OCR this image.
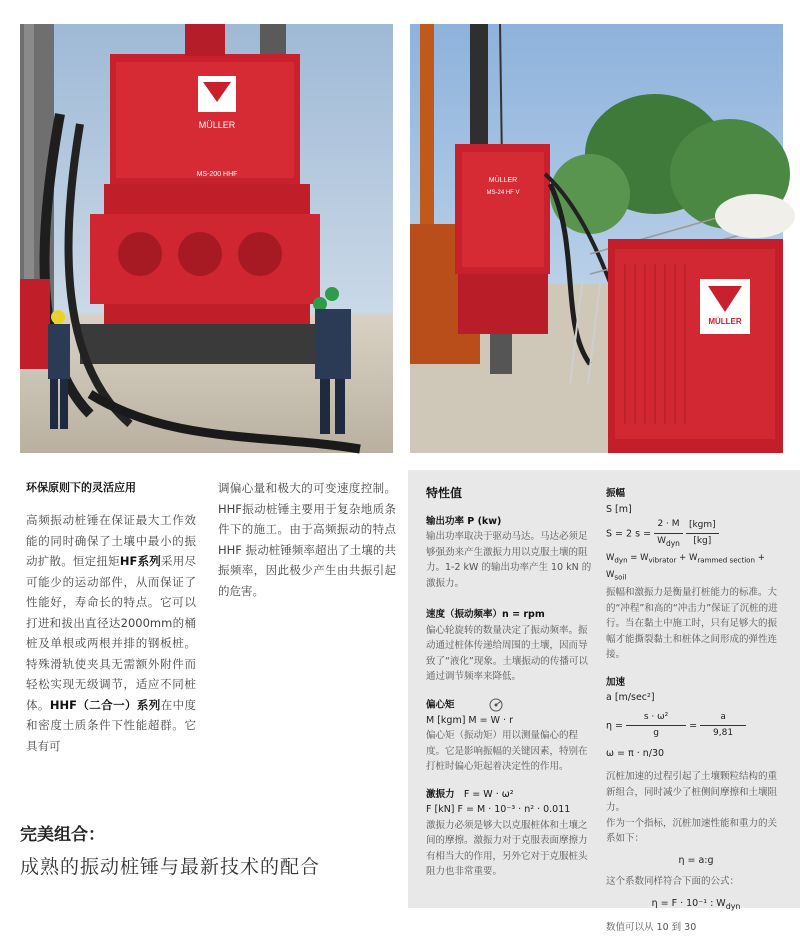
MÜLLER
MS-200 HHF
MÜLLER
MS-24 HF V
MÜLLER
环保原则下的灵活应用
高频振动桩锤在保证最大工作效能的同时确保了土壤中最小的振动扩散。恒定扭矩HF系列采用尽可能少的运动部件，从而保证了性能好，寿命长的特点。它可以打进和拔出直径达2000mm的桶桩及单根或两根并排的钢板桩。特殊滑轨使夹具无需额外附件而轻松实现无级调节，适应不同桩体。HHF（二合一）系列在中度和密度土质条件下性能超群。它具有可
调偏心量和极大的可变速度控制。HHF振动桩锤主要用于复杂地质条件下的施工。由于高频振动的特点 HHF 振动桩锤频率超出了土壤的共振频率，因此极少产生由共振引起的危害。
完美组合：
成熟的振动桩锤与最新技术的配合
特性值
输出功率 P (kw)
输出功率取决于驱动马达。马达必须足够强劲来产生激振力用以克服土壤的阻力。1-2 kW 的输出功率产生 10 kN 的激振力。
速度（振动频率）n = rpm
偏心轮旋转的数量决定了振动频率。振动通过桩体传递给周围的土壤，因而导致了“液化”现象。土壤振动的传播可以通过调节频率来降低。
偏心矩
M [kgm] M = W · r
偏心矩（振动矩）用以测量偏心的程度。它是影响振幅的关键因素，特别在打桩时偏心矩起着决定性的作用。
激振力 F = W · ω²
F [kN] F = M · 10⁻³ · n² · 0.011
激振力必须是够大以克服桩体和土壤之间的摩擦。激振力对于克服表面摩擦力有相当大的作用，另外它对于克服桩头阻力也非常重要。
振幅
S [m]
S = 2 $s = \frac{2 \cdot M}{W_{dyn}}$
$\frac{\text{[kgm]}}{[kg]}$
$W_{dyn} = W_{vibrator} + W_{rammed section} + W_{soil}$
振幅和激振力是衡量打桩能力的标准。大的“冲程”和高的“冲击力”保证了沉桩的进行。当在黏土中施工时，只有足够大的振幅才能撕裂黏土和桩体之间形成的弹性连接。
加速
a [m/sec²]
$\eta = \frac{\text{s · ω²}}{g} = \frac{a}{9,81}$
ω = π · n/30
沉桩加速的过程引起了土壤颗粒结构的重新组合，同时减少了桩侧间摩擦和土壤阻力。
作为一个指标，沉桩加速性能和重力的关系如下：
η = a:g
这个系数同样符合下面的公式：
η = F · 10⁻¹ : $W_{dyn}$
数值可以从 10 到 30
